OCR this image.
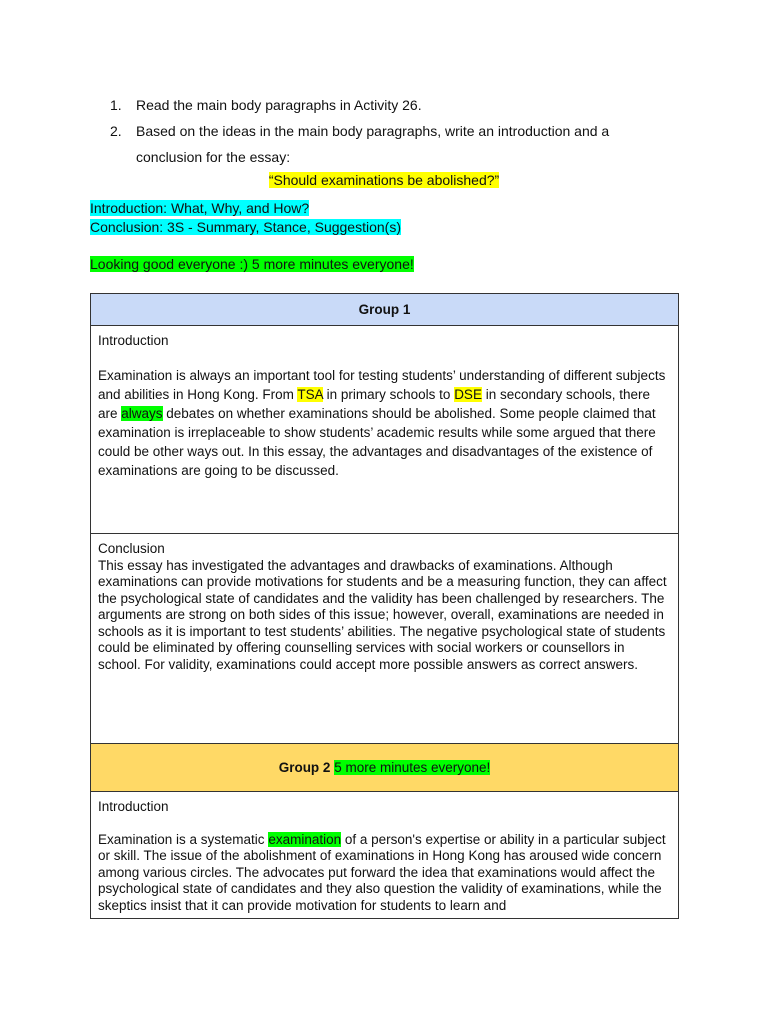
1.	Read the main body paragraphs in Activity 26.
2.	Based on the ideas in the main body paragraphs, write an introduction and a conclusion for the essay:
“Should examinations be abolished?”
Introduction: What, Why, and How?
Conclusion: 3S - Summary, Stance, Suggestion(s)
Looking good everyone :) 5 more minutes everyone!
Group 1

Introduction
Examination is always an important tool for testing students’ understanding of different subjects and abilities in Hong Kong. From TSA in primary schools to DSE in secondary schools, there are always debates on whether examinations should be abolished. Some people claimed that examination is irreplaceable to show students’ academic results while some argued that there could be other ways out. In this essay, the advantages and disadvantages of the existence of examinations are going to be discussed.

Conclusion
This essay has investigated the advantages and drawbacks of examinations. Although examinations can provide motivations for students and be a measuring function, they can affect the psychological state of candidates and the validity has been challenged by researchers. The arguments are strong on both sides of this issue; however, overall, examinations are needed in schools as it is important to test students’ abilities. The negative psychological state of students could be eliminated by offering counselling services with social workers or counsellors in school. For validity, examinations could accept more possible answers as correct answers.

Group 2 5 more minutes everyone!

Introduction
Examination is a systematic examination of a person's expertise or ability in a particular subject or skill. The issue of the abolishment of examinations in Hong Kong has aroused wide concern among various circles. The advocates put forward the idea that examinations would affect the psychological state of candidates and they also question the validity of examinations, while the skeptics insist that it can provide motivation for students to learn and
